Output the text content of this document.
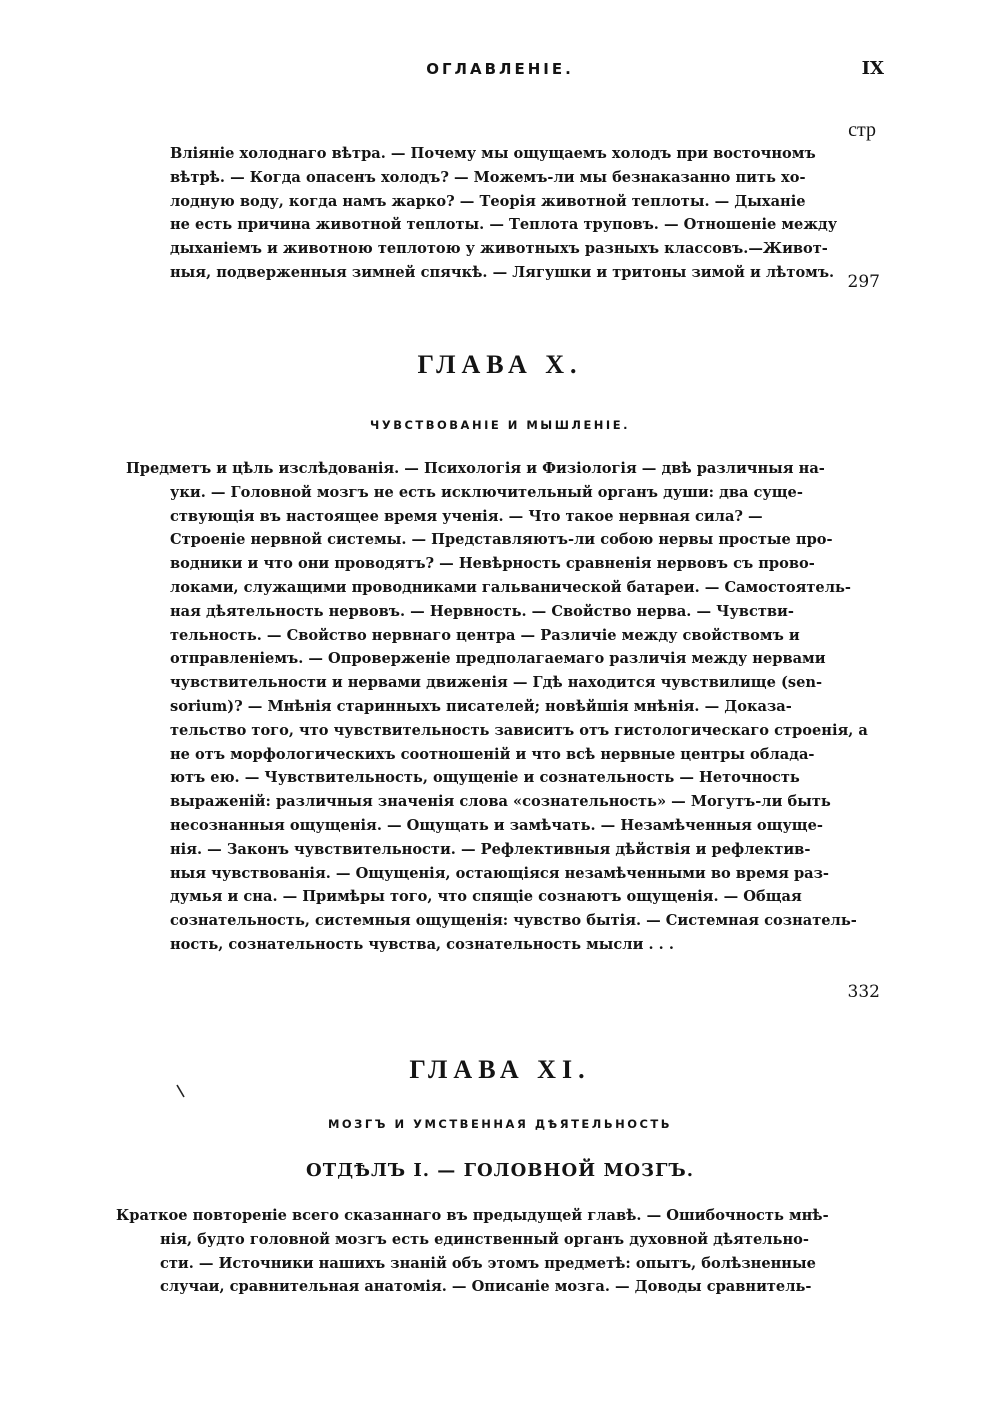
ОГЛАВЛЕНІЕ.	IX
стр
Вліяніе холоднаго вѣтра. — Почему мы ощущаемъ холодъ при восточномъ
вѣтрѣ. — Когда опасенъ холодъ? — Можемъ-ли мы безнаказанно пить хо-
лодную воду, когда намъ жарко? — Теорія животной теплоты. — Дыханіе
не есть причина животной теплоты. — Теплота труповъ. — Отношеніе между
дыханіемъ и животною теплотою у животныхъ разныхъ классовъ.—Живот-
ныя, подверженныя зимней спячкѣ. — Лягушки и тритоны зимой и лѣтомъ. 297
ГЛАВА X.
ЧУВСТВОВАНІЕ И МЫШЛЕНІЕ.
Предметъ и цѣль изслѣдованія. — Психологія и Физіологія — двѣ различныя на-
уки. — Головной мозгъ не есть исключительный органъ души: два суще-
ствующія въ настоящее время ученія. — Что такое нервная сила? —
Строеніе нервной системы. — Представляютъ-ли собою нервы простые про-
водники и что они проводятъ? — Невѣрность сравненія нервовъ съ прово-
локами, служащими проводниками гальванической батареи. — Самостоятель-
ная дѣятельность нервовъ. — Нервность. — Свойство нерва. — Чувстви-
тельность. — Свойство нервнаго центра — Различіе между свойствомъ и
отправленіемъ. — Опроверженіе предполагаемаго различія между нервами
чувствительности и нервами движенія — Гдѣ находится чувствилище (sen-
sorium)? — Мнѣнія старинныхъ писателей; новѣйшія мнѣнія. — Доказа-
тельство того, что чувствительность зависитъ отъ гистологическаго строенія, а
не отъ морфологическихъ соотношеній и что всѣ нервные центры облада-
ютъ ею. — Чувствительность, ощущеніе и сознательность — Неточность
выраженій: различныя значенія слова «сознательность» — Могутъ-ли быть
несознанныя ощущенія. — Ощущать и замѣчать. — Незамѣченныя ощуще-
нія. — Законъ чувствительности. — Рефлективныя дѣйствія и рефлектив-
ныя чувствованія. — Ощущенія, остающіяся незамѣченными во время раз-
думья и сна. — Примѣры того, что спящіе сознаютъ ощущенія. — Общая
сознательность, системныя ощущенія: чувство бытія. — Системная сознатель-
ность, сознательность чувства, сознательность мысли . . .
332
ГЛАВА XI.
МОЗГЪ И УМСТВЕННАЯ ДѢЯТЕЛЬНОСТЬ
ОТДѢЛЪ I. — ГОЛОВНОЙ МОЗГЪ.
Краткое повтореніе всего сказаннаго въ предыдущей главѣ. — Ошибочность мнѣ-
нія, будто головной мозгъ есть единственный органъ духовной дѣятельно-
сти. — Источники нашихъ знаній объ этомъ предметѣ: опытъ, болѣзненные
случаи, сравнительная анатомія. — Описаніе мозга. — Доводы сравнитель-
